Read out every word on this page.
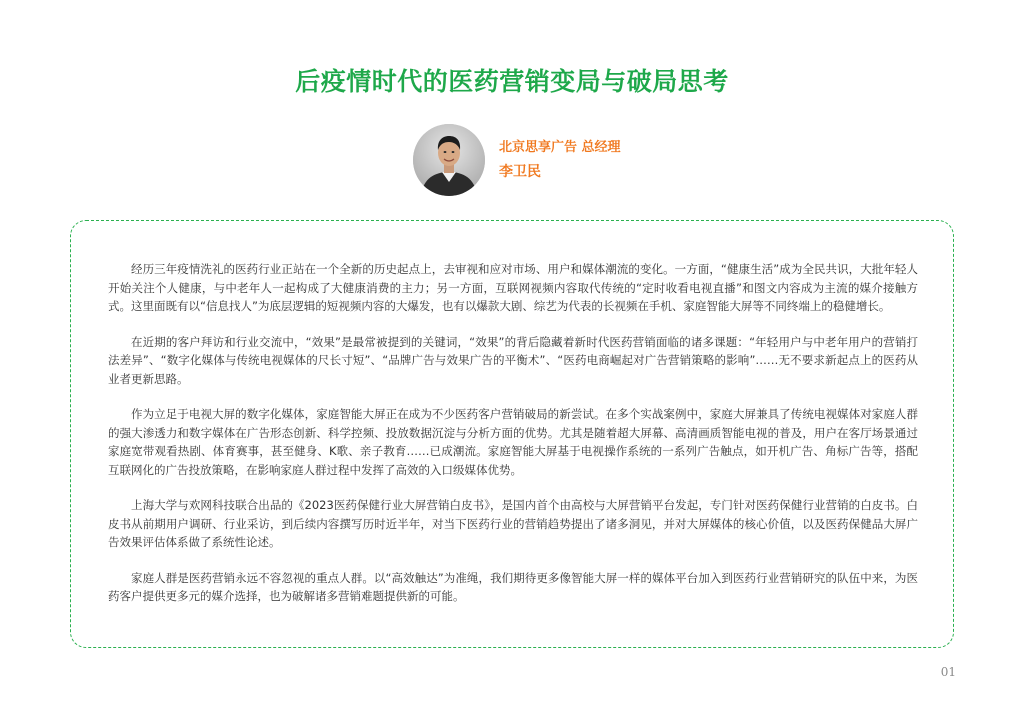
后疫情时代的医药营销变局与破局思考
北京思享广告 总经理
李卫民

经历三年疫情洗礼的医药行业正站在一个全新的历史起点上，去审视和应对市场、用户和媒体潮流的变化。一方面，“健康生活”成为全民共识，大批年轻人开始关注个人健康，与中老年人一起构成了大健康消费的主力；另一方面，互联网视频内容取代传统的“定时收看电视直播”和图文内容成为主流的媒介接触方式。这里面既有以“信息找人”为底层逻辑的短视频内容的大爆发，也有以爆款大剧、综艺为代表的长视频在手机、家庭智能大屏等不同终端上的稳健增长。

在近期的客户拜访和行业交流中，“效果”是最常被提到的关键词，“效果”的背后隐藏着新时代医药营销面临的诸多课题：“年轻用户与中老年用户的营销打法差异”、“数字化媒体与传统电视媒体的尺长寸短”、“品牌广告与效果广告的平衡术”、“医药电商崛起对广告营销策略的影响”……无不要求新起点上的医药从业者更新思路。

作为立足于电视大屏的数字化媒体，家庭智能大屏正在成为不少医药客户营销破局的新尝试。在多个实战案例中，家庭大屏兼具了传统电视媒体对家庭人群的强大渗透力和数字媒体在广告形态创新、科学控频、投放数据沉淀与分析方面的优势。尤其是随着超大屏幕、高清画质智能电视的普及，用户在客厅场景通过家庭宽带观看热剧、体育赛事，甚至健身、K歌、亲子教育……已成潮流。家庭智能大屏基于电视操作系统的一系列广告触点，如开机广告、角标广告等，搭配互联网化的广告投放策略，在影响家庭人群过程中发挥了高效的入口级媒体优势。

上海大学与欢网科技联合出品的《2023医药保健行业大屏营销白皮书》，是国内首个由高校与大屏营销平台发起，专门针对医药保健行业营销的白皮书。白皮书从前期用户调研、行业采访，到后续内容撰写历时近半年，对当下医药行业的营销趋势提出了诸多洞见，并对大屏媒体的核心价值，以及医药保健品大屏广告效果评估体系做了系统性论述。

家庭人群是医药营销永远不容忽视的重点人群。以“高效触达”为准绳，我们期待更多像智能大屏一样的媒体平台加入到医药行业营销研究的队伍中来，为医药客户提供更多元的媒介选择，也为破解诸多营销难题提供新的可能。

01
